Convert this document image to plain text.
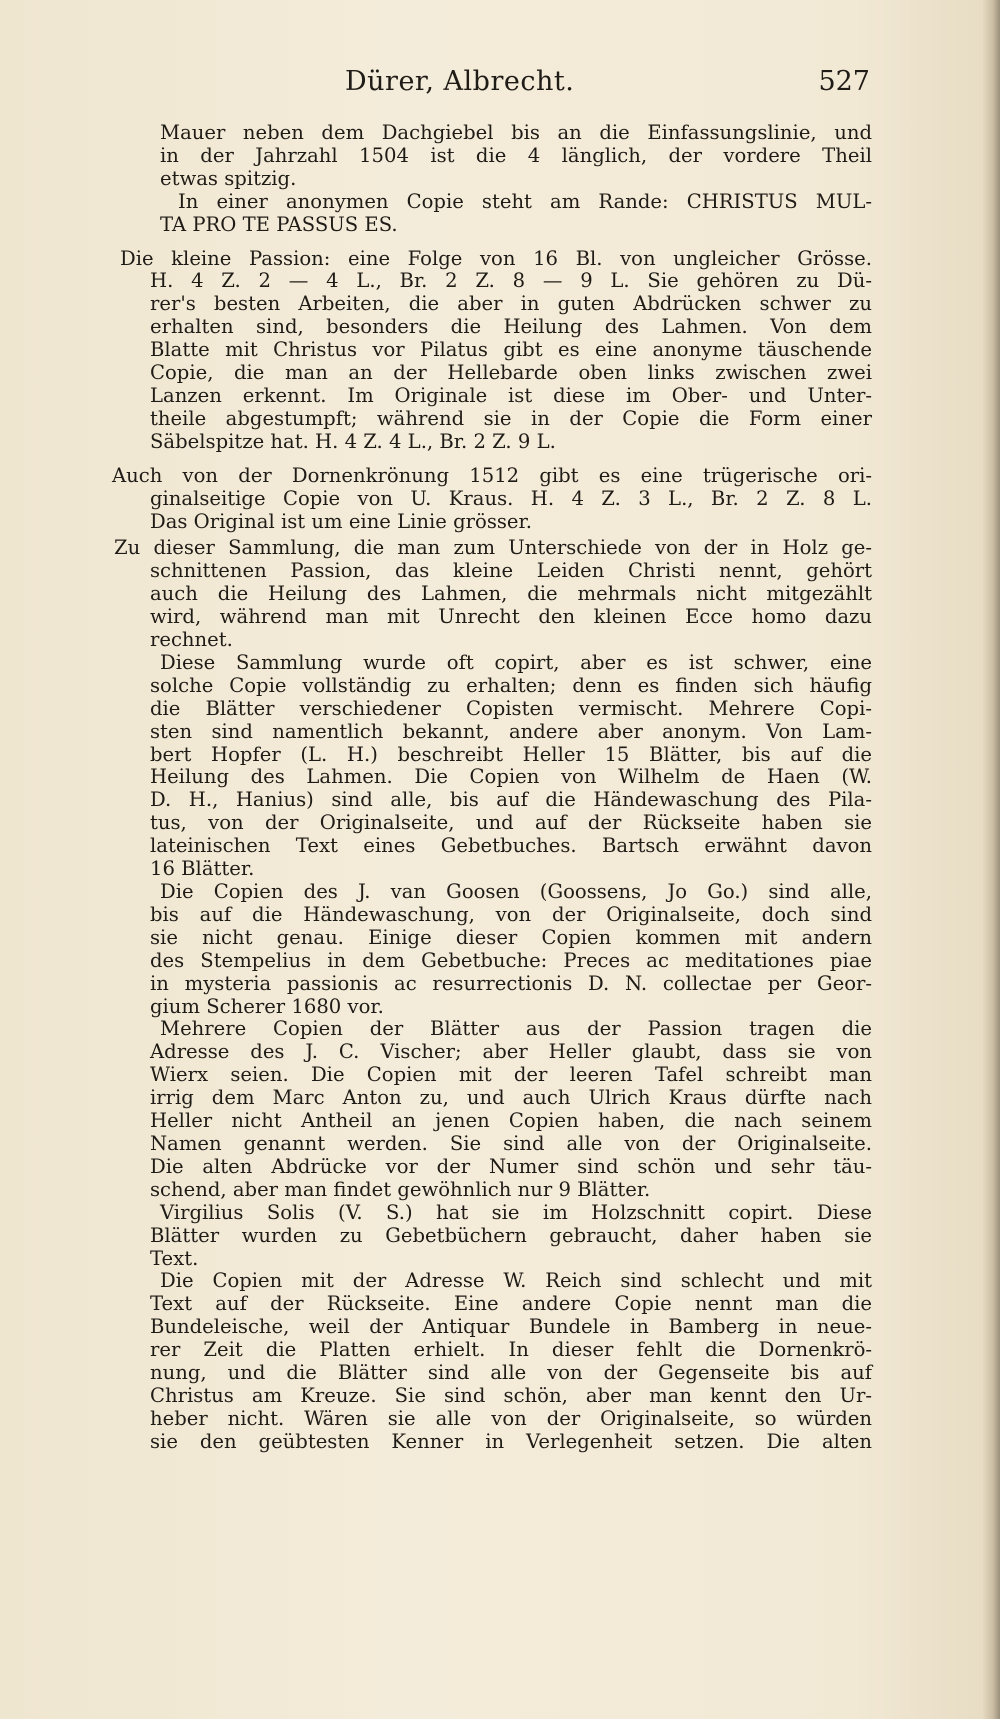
Dürer, Albrecht.	527
Mauer neben dem Dachgiebel bis an die Einfassungslinie, und
in der Jahrzahl 1504 ist die 4 länglich, der vordere Theil
etwas spitzig.
In einer anonymen Copie steht am Rande: CHRISTUS MUL-
TA PRO TE PASSUS ES.
Die kleine Passion: eine Folge von 16 Bl. von ungleicher Grösse.
H. 4 Z. 2 — 4 L., Br. 2 Z. 8 — 9 L. Sie gehören zu Dü-
rer's besten Arbeiten, die aber in guten Abdrücken schwer zu
erhalten sind, besonders die Heilung des Lahmen. Von dem
Blatte mit Christus vor Pilatus gibt es eine anonyme täuschende
Copie, die man an der Hellebarde oben links zwischen zwei
Lanzen erkennt. Im Originale ist diese im Ober- und Unter-
theile abgestumpft; während sie in der Copie die Form einer
Säbelspitze hat. H. 4 Z. 4 L., Br. 2 Z. 9 L.
Auch von der Dornenkrönung 1512 gibt es eine trügerische ori-
ginalseitige Copie von U. Kraus. H. 4 Z. 3 L., Br. 2 Z. 8 L.
Das Original ist um eine Linie grösser.
Zu dieser Sammlung, die man zum Unterschiede von der in Holz ge-
schnittenen Passion, das kleine Leiden Christi nennt, gehört
auch die Heilung des Lahmen, die mehrmals nicht mitgezählt
wird, während man mit Unrecht den kleinen Ecce homo dazu
rechnet.
Diese Sammlung wurde oft copirt, aber es ist schwer, eine
solche Copie vollständig zu erhalten; denn es finden sich häufig
die Blätter verschiedener Copisten vermischt. Mehrere Copi-
sten sind namentlich bekannt, andere aber anonym. Von Lam-
bert Hopfer (L. H.) beschreibt Heller 15 Blätter, bis auf die
Heilung des Lahmen. Die Copien von Wilhelm de Haen (W.
D. H., Hanius) sind alle, bis auf die Händewaschung des Pila-
tus, von der Originalseite, und auf der Rückseite haben sie
lateinischen Text eines Gebetbuches. Bartsch erwähnt davon
16 Blätter.
Die Copien des J. van Goosen (Goossens, Jo Go.) sind alle,
bis auf die Händewaschung, von der Originalseite, doch sind
sie nicht genau. Einige dieser Copien kommen mit andern
des Stempelius in dem Gebetbuche: Preces ac meditationes piae
in mysteria passionis ac resurrectionis D. N. collectae per Geor-
gium Scherer 1680 vor.
Mehrere Copien der Blätter aus der Passion tragen die
Adresse des J. C. Vischer; aber Heller glaubt, dass sie von
Wierx seien. Die Copien mit der leeren Tafel schreibt man
irrig dem Marc Anton zu, und auch Ulrich Kraus dürfte nach
Heller nicht Antheil an jenen Copien haben, die nach seinem
Namen genannt werden. Sie sind alle von der Originalseite.
Die alten Abdrücke vor der Numer sind schön und sehr täu-
schend, aber man findet gewöhnlich nur 9 Blätter.
Virgilius Solis (V. S.) hat sie im Holzschnitt copirt. Diese
Blätter wurden zu Gebetbüchern gebraucht, daher haben sie
Text.
Die Copien mit der Adresse W. Reich sind schlecht und mit
Text auf der Rückseite. Eine andere Copie nennt man die
Bundeleische, weil der Antiquar Bundele in Bamberg in neue-
rer Zeit die Platten erhielt. In dieser fehlt die Dornenkrö-
nung, und die Blätter sind alle von der Gegenseite bis auf
Christus am Kreuze. Sie sind schön, aber man kennt den Ur-
heber nicht. Wären sie alle von der Originalseite, so würden
sie den geübtesten Kenner in Verlegenheit setzen. Die alten
